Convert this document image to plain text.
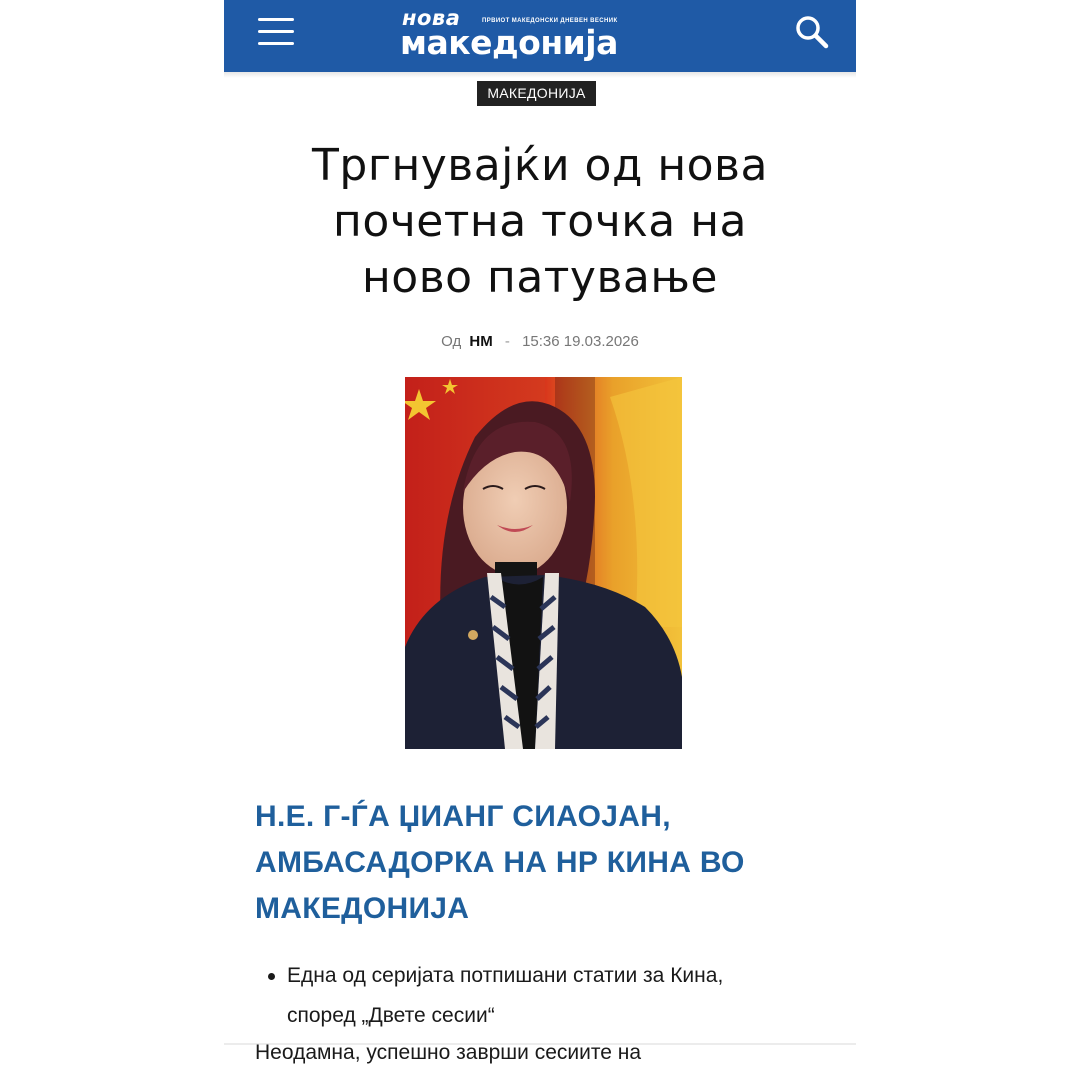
нова	ПРВИОТ МАКЕДОНСКИ ДНЕВЕН ВЕСНИК
македонија
МАКЕДОНИЈА
Тргнувајќи од нова
почетна точка на
ново патување
Од НМ - 15:36 19.03.2026
Н.Е. Г-ЃА ЏИАНГ СИАОЈАН,
АМБАСАДОРКА НА НР КИНА ВО
МАКЕДОНИЈА
Една од серијата потпишани статии за Кина,
според „Двете сесии“

Неодамна, успешно заврши сесиите на
